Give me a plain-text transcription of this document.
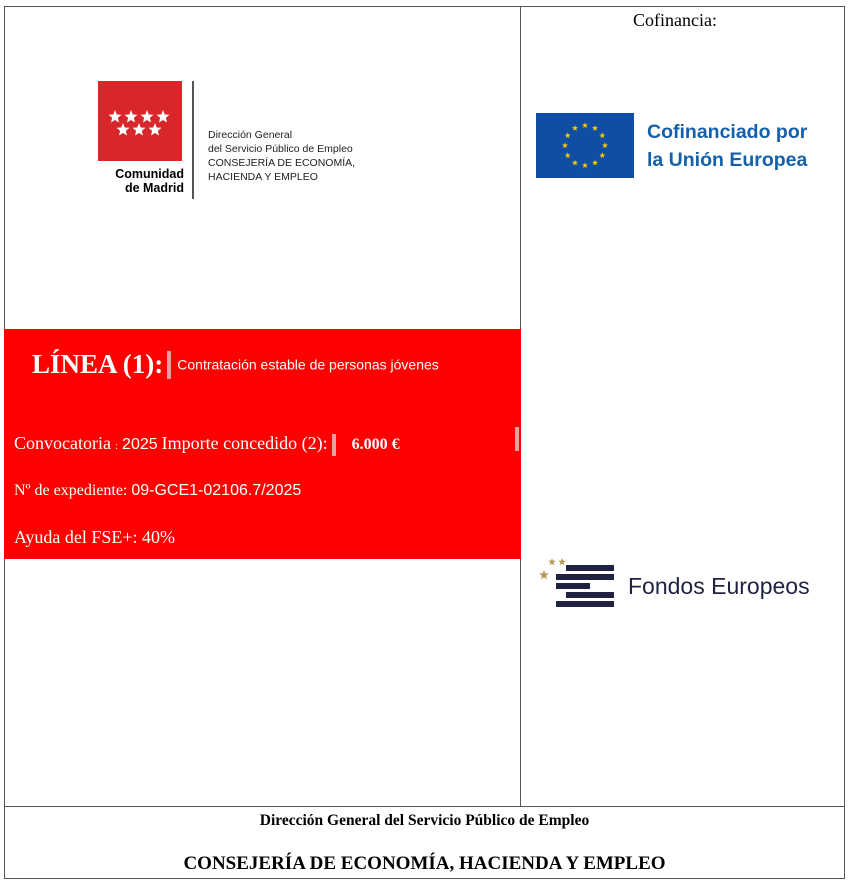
Comunidad
de Madrid
Dirección General
del Servicio Público de Empleo
CONSEJERÍA DE ECONOMÍA,
HACIENDA Y EMPLEO
LÍNEA (1): Contratación estable de personas jóvenes
Convocatoria : 2025 Importe concedido (2): 6.000 €
Nº de expediente: 09-GCE1-02106.7/2025
Ayuda del FSE+: 40%
Cofinancia:
Cofinanciado por
la Unión Europea
Fondos Europeos
Dirección General del Servicio Público de Empleo
CONSEJERÍA DE ECONOMÍA, HACIENDA Y EMPLEO
